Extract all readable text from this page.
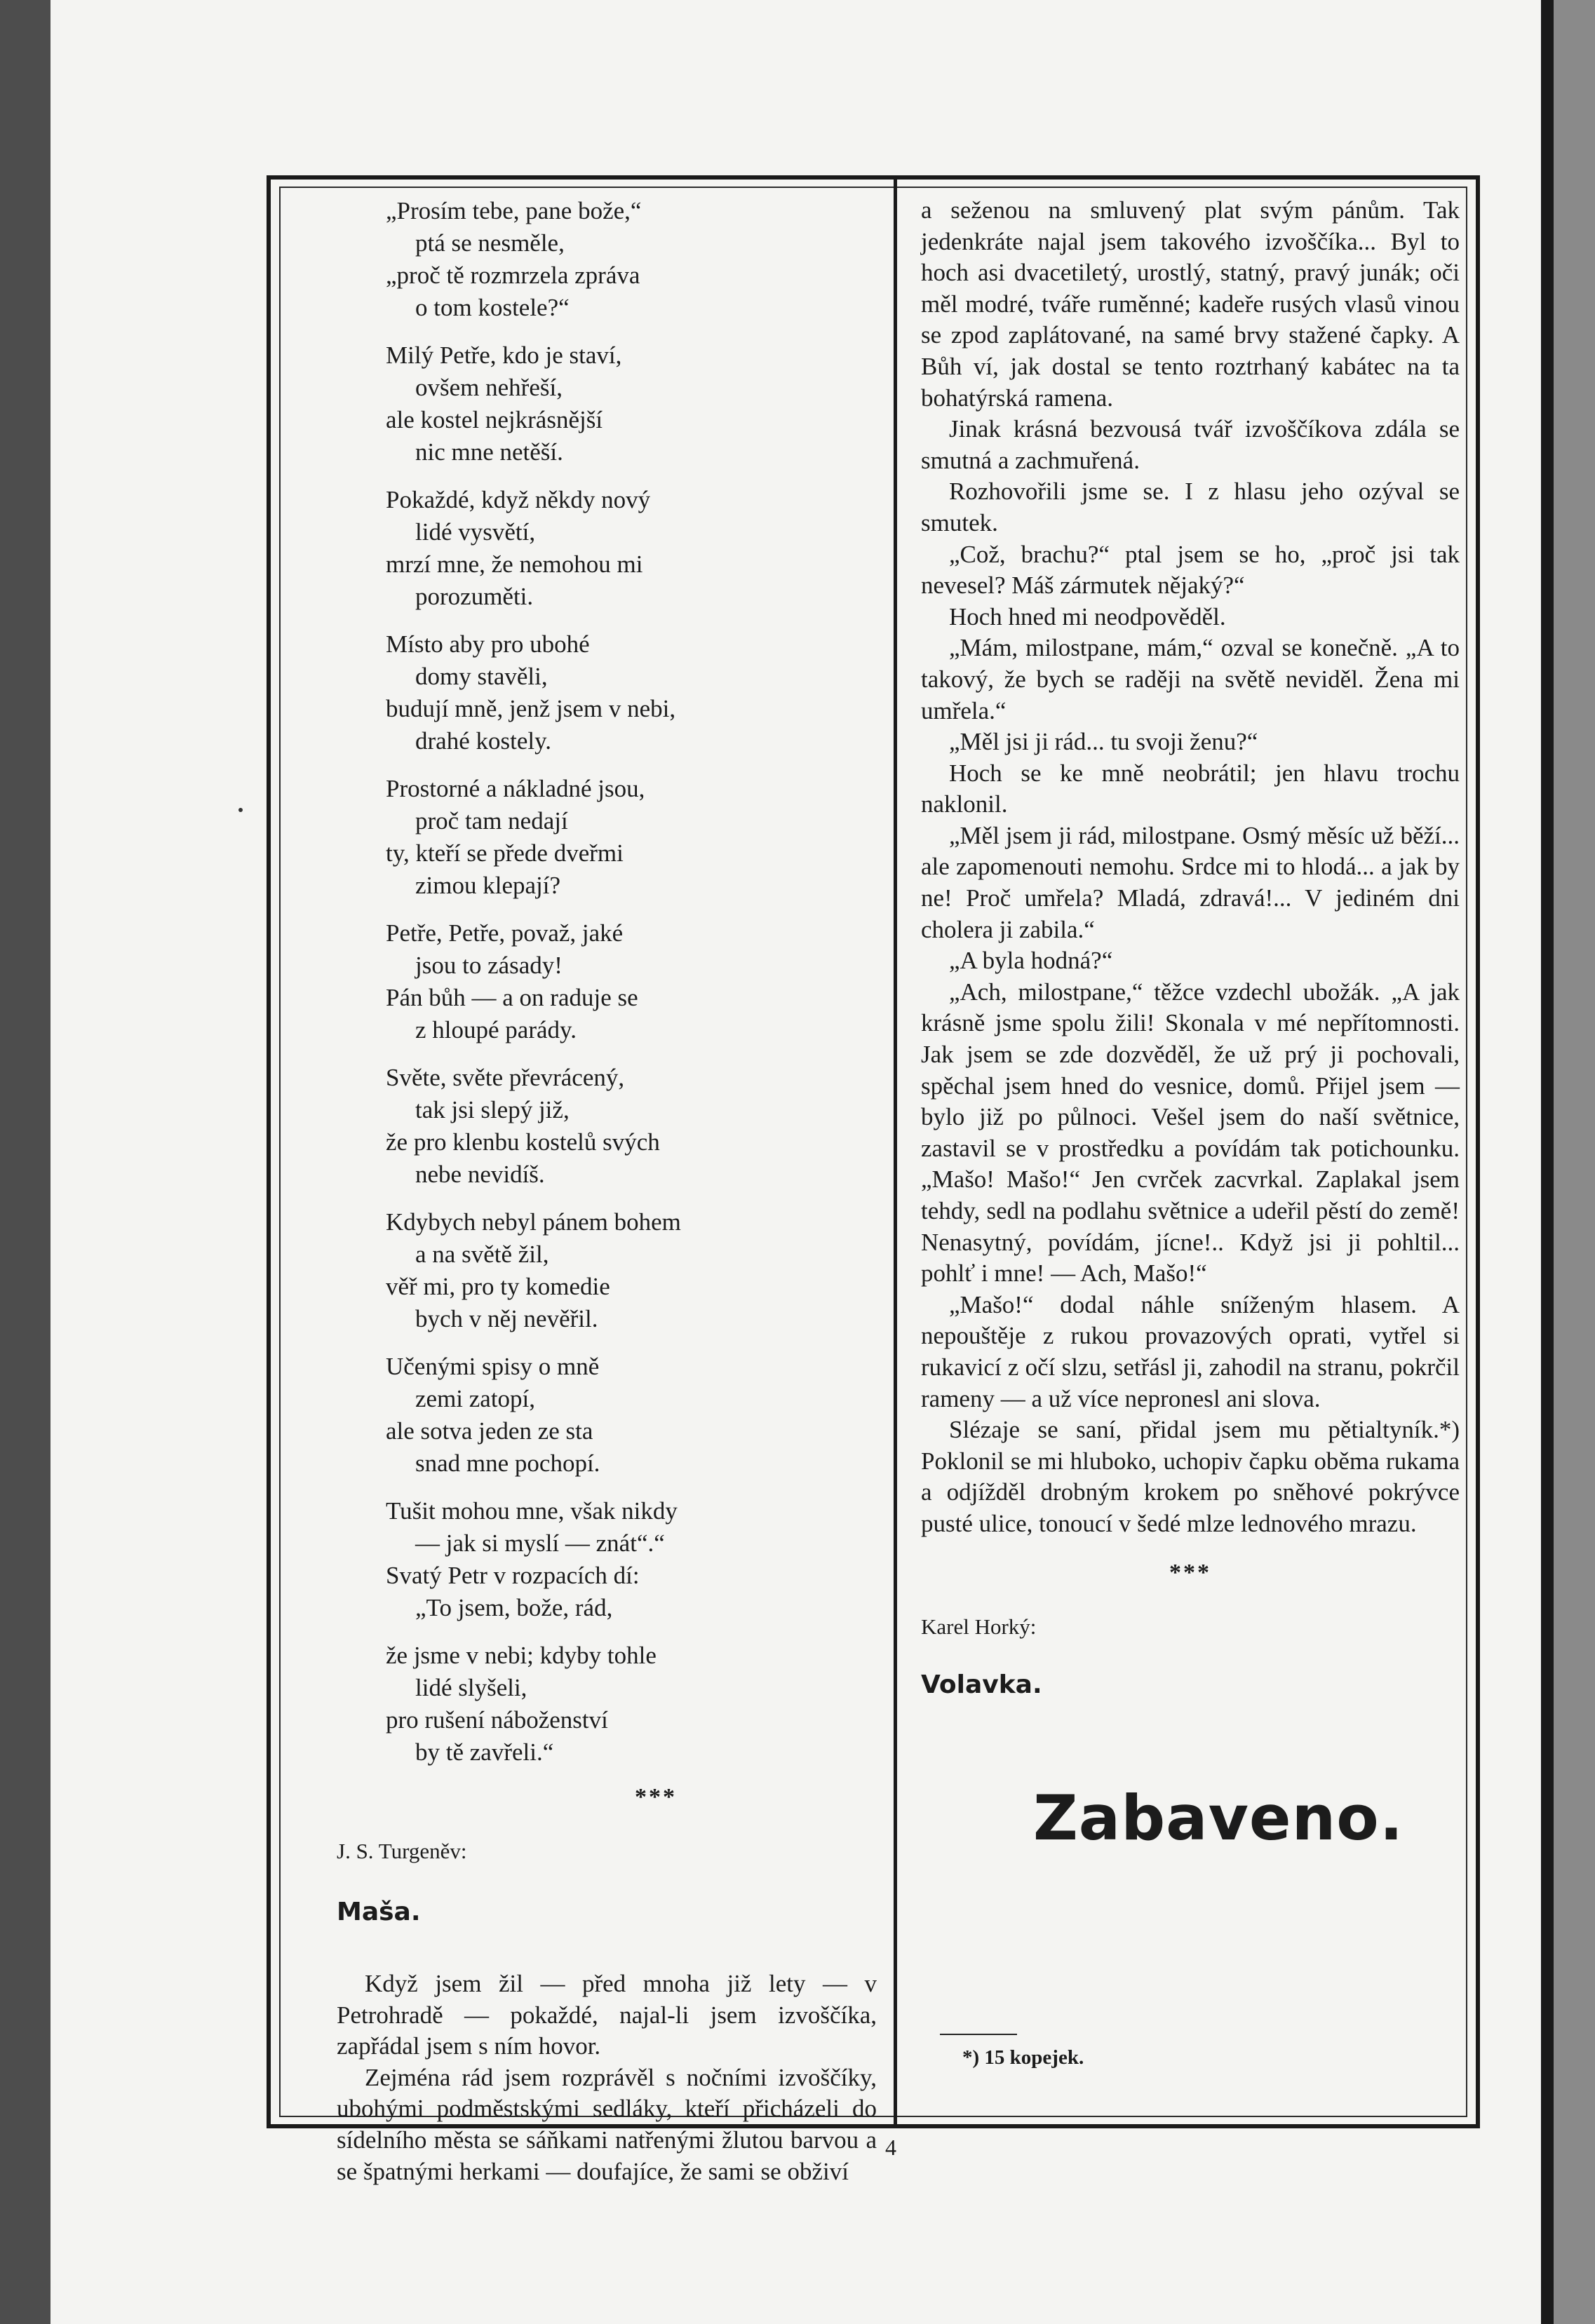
„Prosím tebe, pane bože,“
ptá se nesměle,
„proč tě rozmrzela zpráva
o tom kostele?“
Milý Petře, kdo je staví,
ovšem nehřeší,
ale kostel nejkrásnější
nic mne netěší.
Pokaždé, když někdy nový
lidé vysvětí,
mrzí mne, že nemohou mi
porozuměti.
Místo aby pro ubohé
domy stavěli,
budují mně, jenž jsem v nebi,
drahé kostely.
Prostorné a nákladné jsou,
proč tam nedají
ty, kteří se přede dveřmi
zimou klepají?
Petře, Petře, považ, jaké
jsou to zásady!
Pán bůh — a on raduje se
z hloupé parády.
Světe, světe převrácený,
tak jsi slepý již,
že pro klenbu kostelů svých
nebe nevidíš.
Kdybych nebyl pánem bohem
a na světě žil,
věř mi, pro ty komedie
bych v něj nevěřil.
Učenými spisy o mně
zemi zatopí,
ale sotva jeden ze sta
snad mne pochopí.
Tušit mohou mne, však nikdy
— jak si myslí — znát“.“
Svatý Petr v rozpacích dí:
„To jsem, bože, rád,
že jsme v nebi; kdyby tohle
lidé slyšeli,
pro rušení náboženství
by tě zavřeli.“
***
J. S. Turgeněv:
Maša.

Když jsem žil — před mnoha již lety — v Petrohradě — pokaždé, najal-li jsem izvoščíka, zapřádal jsem s ním hovor.

Zejména rád jsem rozprávěl s nočními izvoščíky, ubohými podměstskými sedláky, kteří přicházeli do sídelního města se sáňkami natřenými žlutou barvou a se špatnými herkami — doufajíce, že sami se obživí

a seženou na smluvený plat svým pánům. Tak jedenkráte najal jsem takového izvoščíka... Byl to hoch asi dvacetiletý, urostlý, statný, pravý junák; oči měl modré, tváře ruměnné; kadeře rusých vlasů vinou se zpod zaplátované, na samé brvy stažené čapky. A Bůh ví, jak dostal se tento roztrhaný kabátec na ta bohatýrská ramena.

Jinak krásná bezvousá tvář izvoščíkova zdála se smutná a zachmuřená.

Rozhovořili jsme se. I z hlasu jeho ozýval se smutek.

„Což, brachu?“ ptal jsem se ho, „proč jsi tak nevesel? Máš zármutek nějaký?“

Hoch hned mi neodpověděl.

„Mám, milostpane, mám,“ ozval se konečně. „A to takový, že bych se raději na světě neviděl. Žena mi umřela.“

„Měl jsi ji rád... tu svoji ženu?“

Hoch se ke mně neobrátil; jen hlavu trochu naklonil.

„Měl jsem ji rád, milostpane. Osmý měsíc už běží... ale zapomenouti nemohu. Srdce mi to hlodá... a jak by ne! Proč umřela? Mladá, zdravá!... V jediném dni cholera ji zabila.“

„A byla hodná?“

„Ach, milostpane,“ těžce vzdechl ubožák. „A jak krásně jsme spolu žili! Skonala v mé nepřítomnosti. Jak jsem se zde dozvěděl, že už prý ji pochovali, spěchal jsem hned do vesnice, domů. Přijel jsem — bylo již po půlnoci. Vešel jsem do naší světnice, zastavil se v prostředku a povídám tak potichounku. „Mašo! Mašo!“ Jen cvrček zacvrkal. Zaplakal jsem tehdy, sedl na podlahu světnice a udeřil pěstí do země! Nenasytný, povídám, jícne!.. Když jsi ji pohltil... pohlť i mne! — Ach, Mašo!“

„Mašo!“ dodal náhle sníženým hlasem. A nepouštěje z rukou provazových oprati, vytřel si rukavicí z očí slzu, setřásl ji, zahodil na stranu, pokrčil rameny — a už více nepronesl ani slova.

Slézaje se saní, přidal jsem mu pětialtyník.*) Poklonil se mi hluboko, uchopiv čapku oběma rukama a odjížděl drobným krokem po sněhové pokrývce pusté ulice, tonoucí v šedé mlze lednového mrazu.

***
Karel Horký:
Volavka.
Zabaveno.
*) 15 kopejek.
4
